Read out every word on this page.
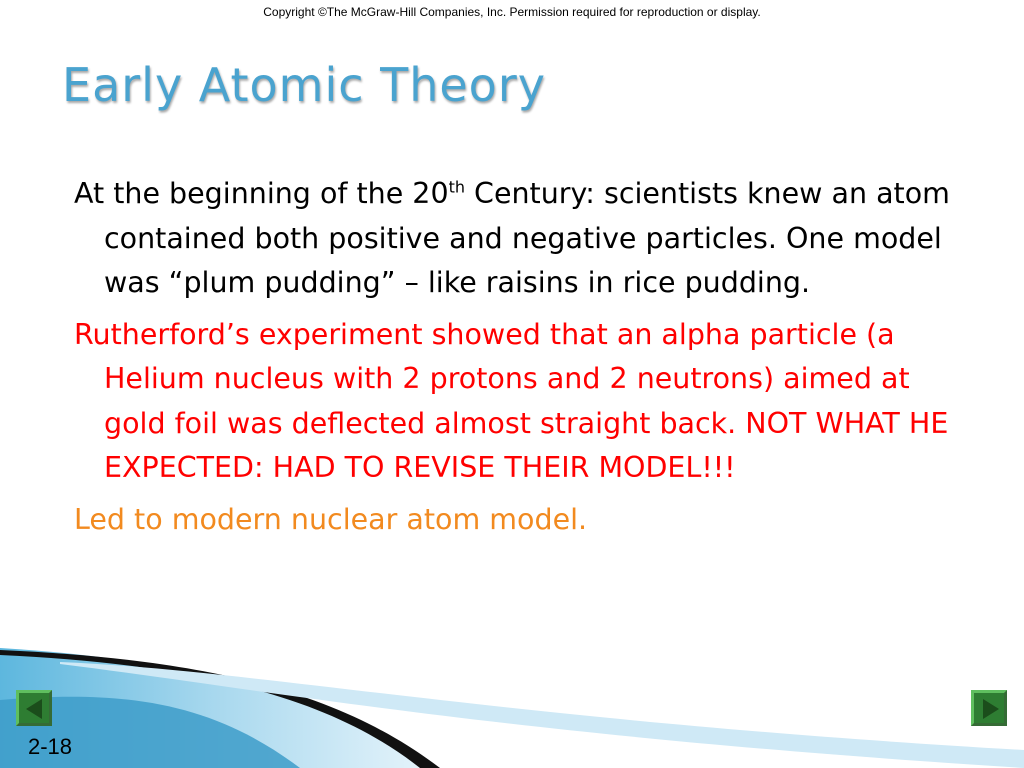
Copyright ©The McGraw-Hill Companies, Inc. Permission required for reproduction or display.
Early Atomic Theory

At the beginning of the 20th Century: scientists knew an atom contained both positive and negative particles. One model was “plum pudding” – like raisins in rice pudding.

Rutherford’s experiment showed that an alpha particle (a Helium nucleus with 2 protons and 2 neutrons) aimed at gold foil was deflected almost straight back. NOT WHAT HE EXPECTED: HAD TO REVISE THEIR MODEL!!!

Led to modern nuclear atom model.

2-18
